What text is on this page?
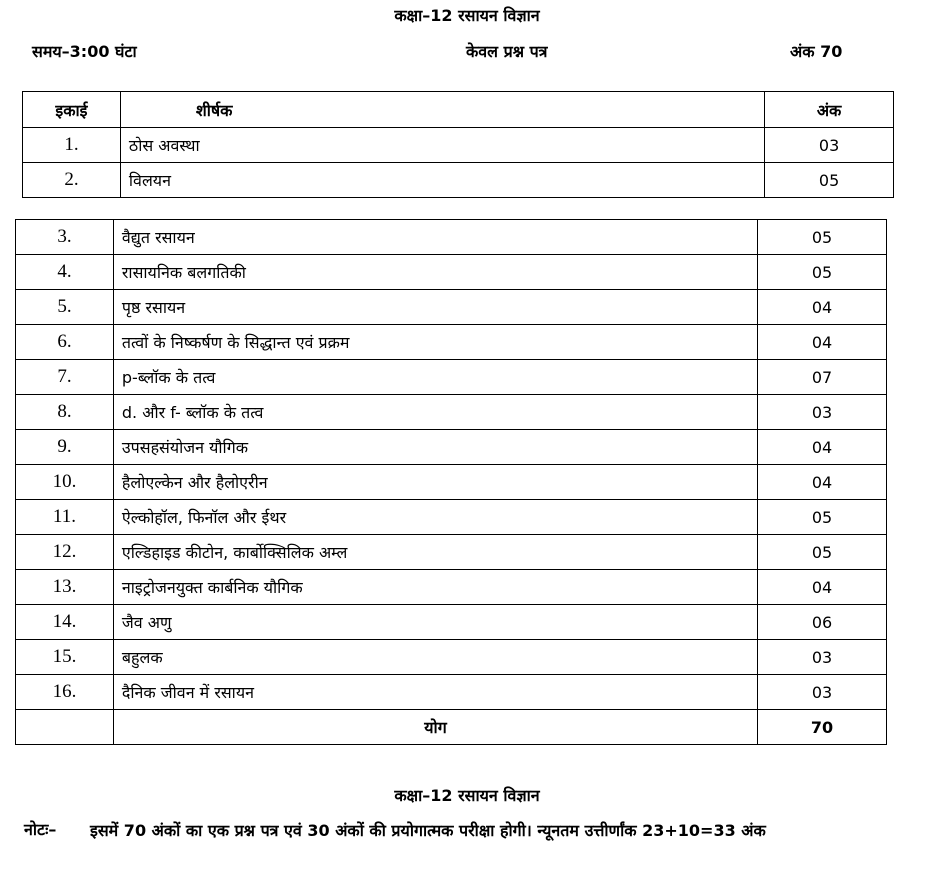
कक्षा–12 रसायन विज्ञान
समय–3:00 घंटा	केवल प्रश्न पत्र	अंक 70
इकाई	शीर्षक	अंक
1.	ठोस अवस्था	03
2.	विलयन	05
3.	वैद्युत रसायन	05
4.	रासायनिक बलगतिकी	05
5.	पृष्ठ रसायन	04
6.	तत्वों के निष्कर्षण के सिद्धान्त एवं प्रक्रम	04
7.	p-ब्लॉक के तत्व	07
8.	d. और f- ब्लॉक के तत्व	03
9.	उपसहसंयोजन यौगिक	04
10.	हैलोएल्केन और हैलोएरीन	04
11.	ऐल्कोहॉल, फिनॉल और ईथर	05
12.	एल्डिहाइड कीटोन, कार्बोक्सिलिक अम्ल	05
13.	नाइट्रोजनयुक्त कार्बनिक यौगिक	04
14.	जैव अणु	06
15.	बहुलक	03
16.	दैनिक जीवन में रसायन	03
	योग	70
कक्षा–12 रसायन विज्ञान
नोटः– इसमें 70 अंकों का एक प्रश्न पत्र एवं 30 अंकों की प्रयोगात्मक परीक्षा होगी। न्यूनतम उत्तीर्णांक 23+10=33 अंक
